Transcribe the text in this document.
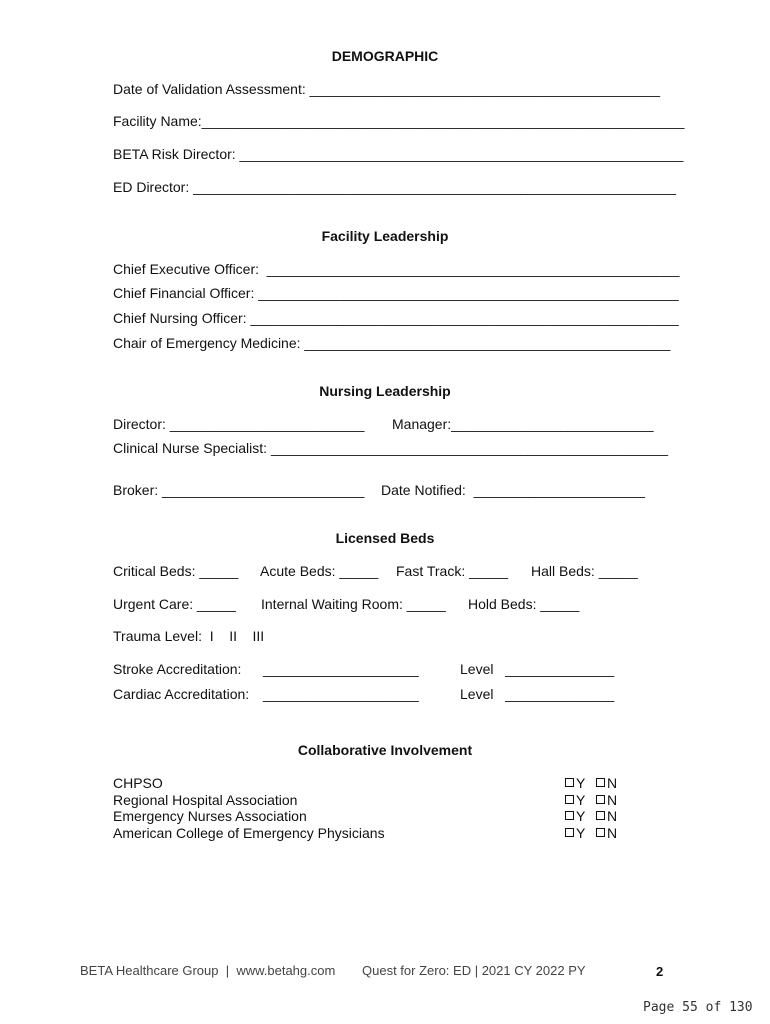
DEMOGRAPHIC
Date of Validation Assessment: _____________________________________________
Facility Name:______________________________________________________________
BETA Risk Director: _________________________________________________________
ED Director: ______________________________________________________________
Facility Leadership
Chief Executive Officer:  _____________________________________________________
Chief Financial Officer: ______________________________________________________
Chief Nursing Officer: _______________________________________________________
Chair of Emergency Medicine: _______________________________________________
Nursing Leadership
Director: _________________________ Manager:__________________________
Clinical Nurse Specialist: ___________________________________________________
Broker: __________________________ Date Notified:  ______________________
Licensed Beds
Critical Beds: _____ Acute Beds: _____ Fast Track: _____ Hall Beds: _____
Urgent Care: _____ Internal Waiting Room: _____ Hold Beds: _____
Trauma Level:  I    II    III
Stroke Accreditation: ____________________	Level   ______________
Cardiac Accreditation: ____________________	Level   ______________
Collaborative Involvement
CHPSO	Y	N
Regional Hospital Association	Y	N
Emergency Nurses Association	Y	N
American College of Emergency Physicians	Y	N
BETA Healthcare Group  |  www.betahg.com Quest for Zero: ED | 2021 CY 2022 PY	2
Page 55 of 130
